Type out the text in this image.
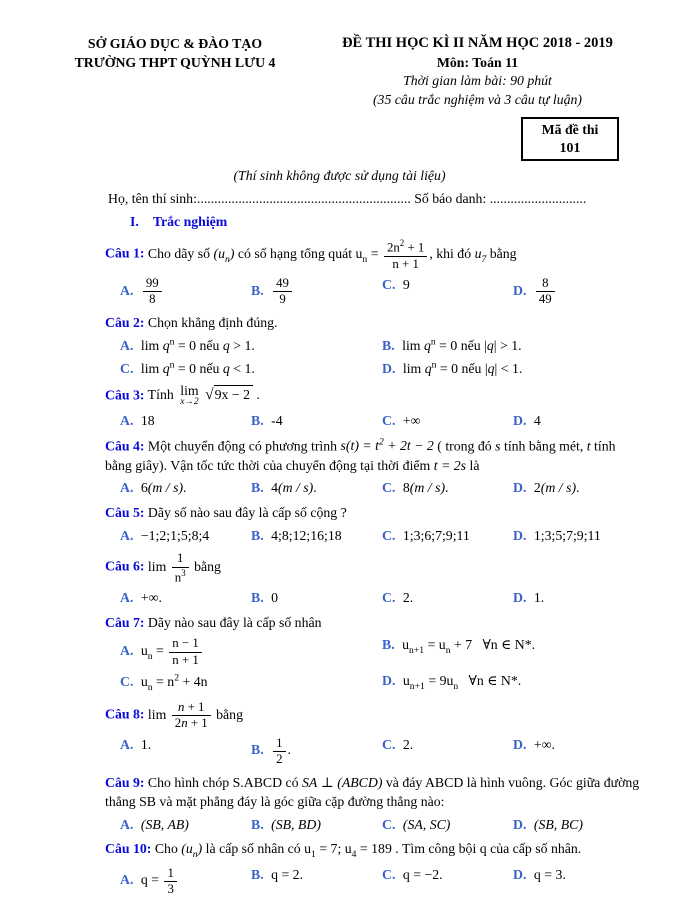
SỞ GIÁO DỤC & ĐÀO TẠO
TRƯỜNG THPT QUỲNH LƯU 4
ĐỀ THI HỌC KÌ II NĂM HỌC 2018 - 2019
Môn: Toán 11
Thời gian làm bài: 90 phút
(35 câu trắc nghiệm và 3 câu tự luận)
Mã đề thi
101
(Thí sinh không được sử dụng tài liệu)
Họ, tên thí sinh:.............................................................. Số báo danh: ............................
I. Trắc nghiệm

Câu 1: Cho dãy số $(u_n)$ có số hạng tổng quát $u_n = \frac{2n^2 + 1}{n + 1}$ , khi đó $u_7$ bằng

A. $\frac{99}{8}$	B. $\frac{49}{9}$	C. 9	D. $\frac{8}{49}$

Câu 2: Chọn khẳng định đúng.

A. $\lim q^n = 0$ nếu q > 1.	B. $\lim q^n = 0$ nếu |q| > 1.
C. $\lim q^n = 0$ nếu q < 1.	D. $\lim q^n = 0$ nếu |q| < 1.

Câu 3: Tính lim
x→2 √9x − 2 .

A. 18	B. -4	C. +∞	D. 4

Câu 4: Một chuyển động có phương trình $s(t) = t^2 + 2t - 2$ ( trong đó s tính bằng mét, t tính bằng giây). Vận tốc tức thời của chuyển động tại thời điểm t = 2s là

A. 6(m / s).	B. 4(m / s).	C. 8(m / s).	D. 2(m / s).

Câu 5: Dãy số nào sau đây là cấp số cộng ?

A. −1;2;1;5;8;4	B. 4;8;12;16;18	C. 1;3;6;7;9;11	D. 1;3;5;7;9;11

Câu 6: $\lim \frac{1}{n^3}$ bằng

A. +∞.	B. 0	C. 2.	D. 1.

Câu 7: Dãy nào sau đây là cấp số nhân

A. $u_n = \frac{n - 1}{n + 1}$	B. $u_{n+1} = u_n + 7$   ∀n ∈ N*.
C. $u_n = n^2 + 4n$	D. $u_{n+1} = 9u_n$   ∀n ∈ N*.

Câu 8: $\lim \frac{n + 1}{2n + 1}$ bằng

A. 1.	B. $\frac{1}{2}$ .	C. 2.	D. +∞.

Câu 9: Cho hình chóp S.ABCD có SA ⊥ (ABCD) và đáy ABCD là hình vuông. Góc giữa đường thẳng SB và mặt phẳng đáy là góc giữa cặp đường thẳng nào:

A. (SB, AB)	B. (SB, BD)	C. (SA, SC)	D. (SB, BC)

Câu 10: Cho $(u_n)$ là cấp số nhân có $u_1 = 7$; $u_4 = 189$ . Tìm công bội q của cấp số nhân.

A. $q = \frac{1}{3}$	B. q = 2.	C. q = −2.	D. q = 3.
